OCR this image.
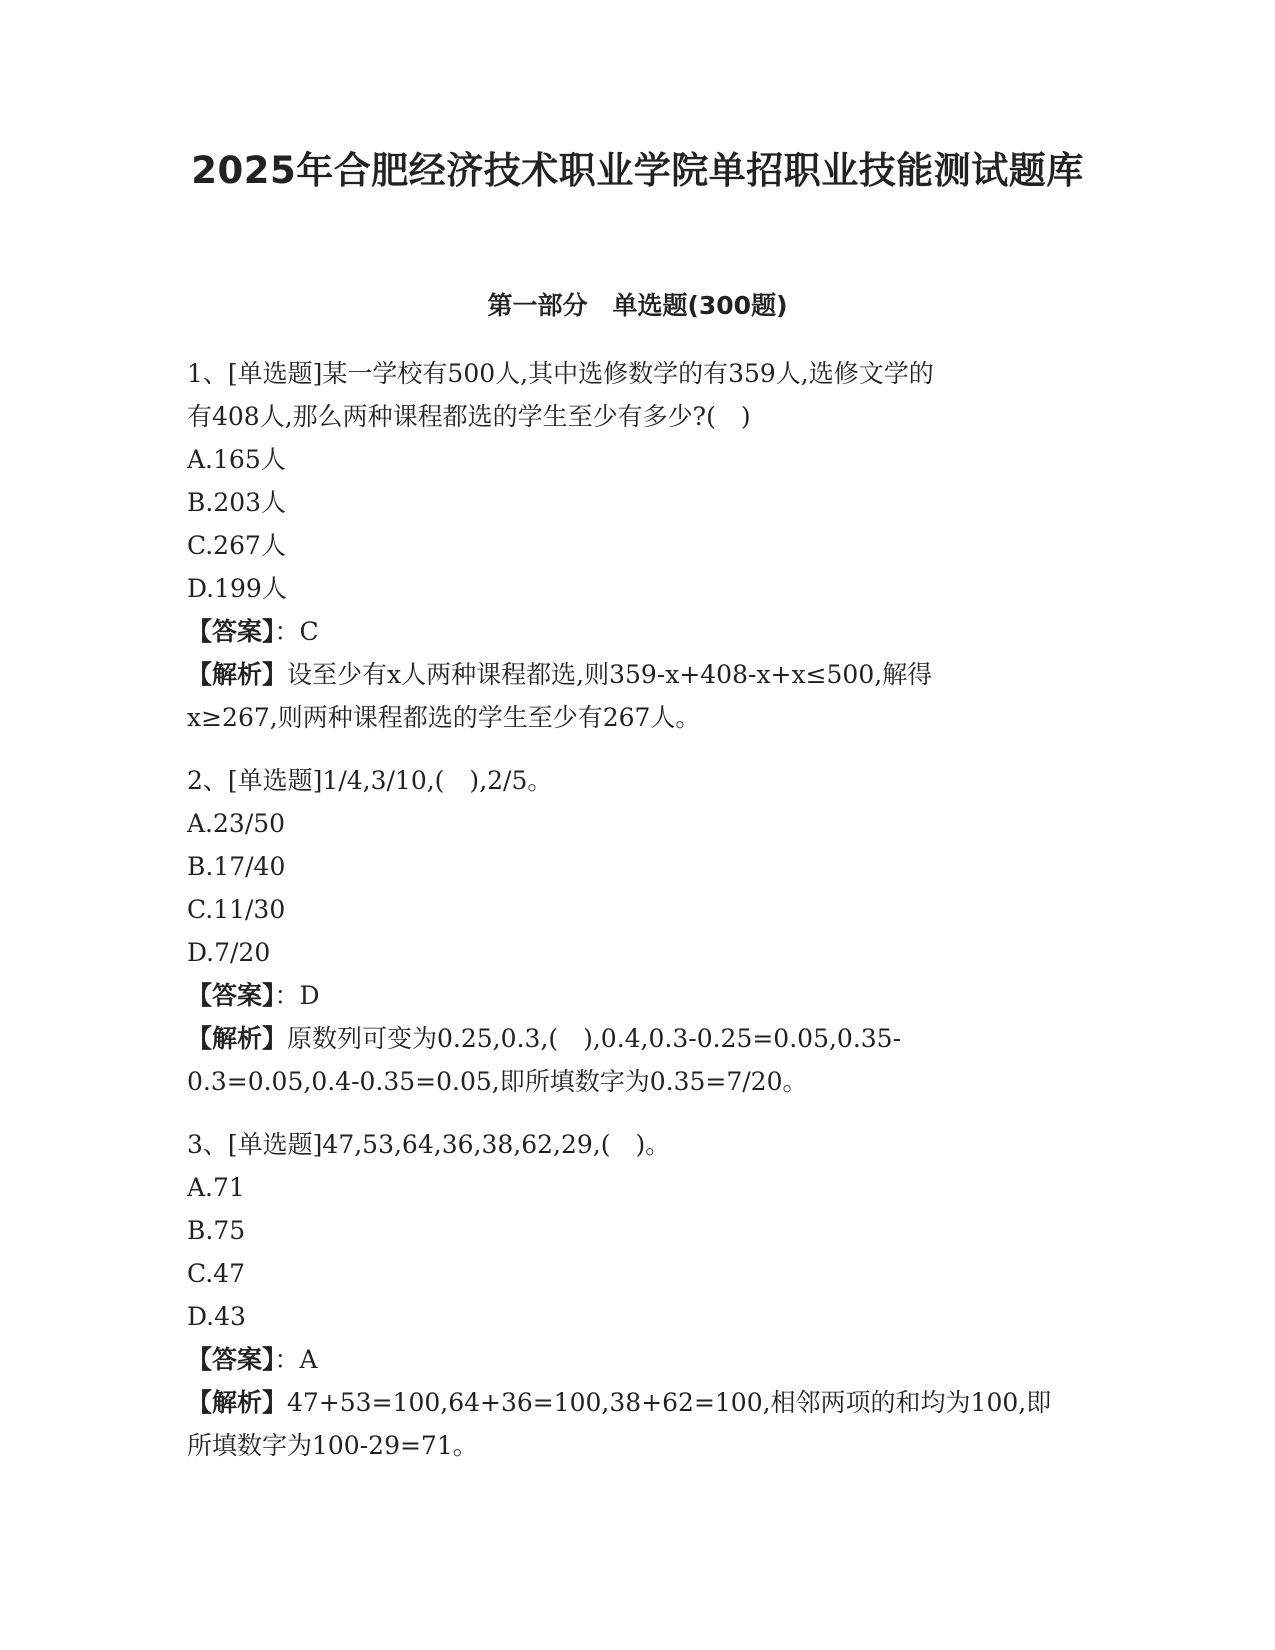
2025年合肥经济技术职业学院单招职业技能测试题库
第一部分　单选题(300题)

1、[单选题]某一学校有500人,其中选修数学的有359人,选修文学的

有408人,那么两种课程都选的学生至少有多少?(　)

A.165人

B.203人

C.267人

D.199人

【答案】：C

【解析】设至少有x人两种课程都选,则359-x+408-x+x≤500,解得

x≥267,则两种课程都选的学生至少有267人。

2、[单选题]1/4,3/10,(　),2/5。

A.23/50

B.17/40

C.11/30

D.7/20

【答案】：D

【解析】原数列可变为0.25,0.3,(　),0.4,0.3-0.25=0.05,0.35-

0.3=0.05,0.4-0.35=0.05,即所填数字为0.35=7/20。

3、[单选题]47,53,64,36,38,62,29,(　)。

A.71

B.75

C.47

D.43

【答案】：A

【解析】47+53=100,64+36=100,38+62=100,相邻两项的和均为100,即

所填数字为100-29=71。
